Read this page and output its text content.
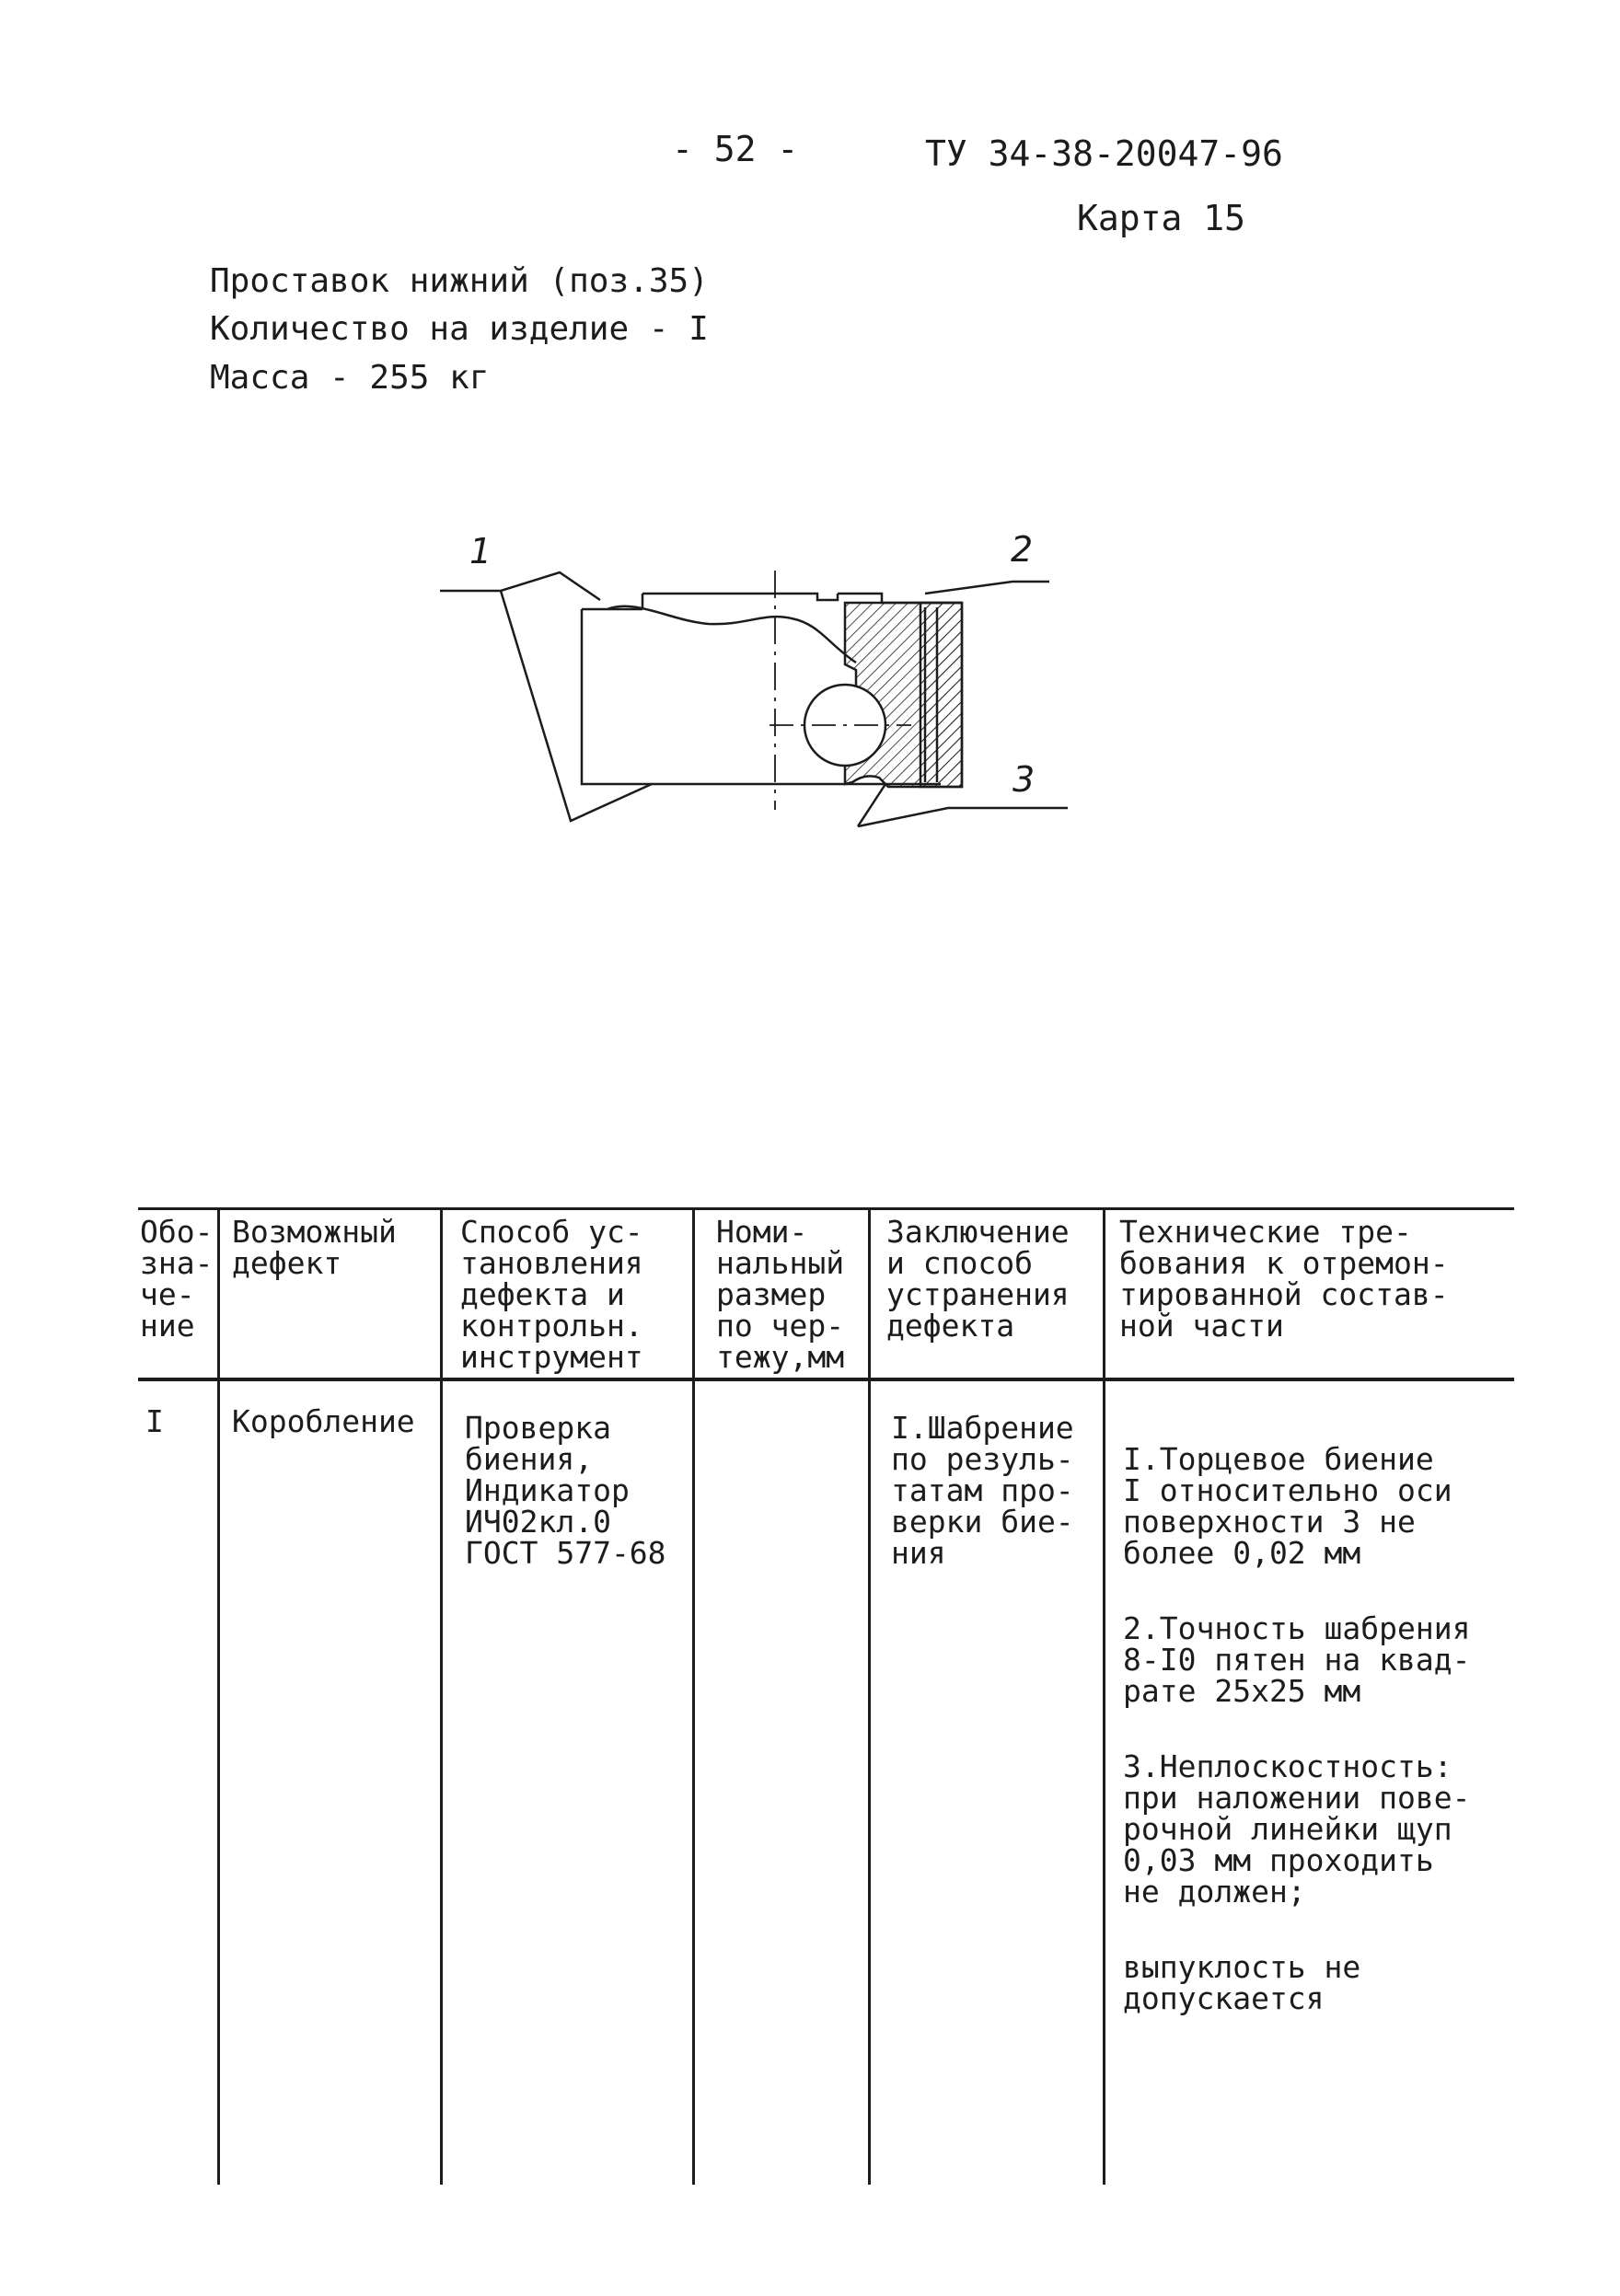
- 52 -	ТУ 34-38-20047-96
Карта 15
Проставок нижний (поз.35)
Количество на изделие - I
Масса - 255 кг
1	2
3
Обо-
зна-
че-
ние
Возможный
дефект
Способ ус-
тановления
дефекта и
контрольн.
инструмент
Номи-
нальный
размер
по чер-
тежу,мм
Заключение
и способ
устранения
дефекта
Технические тре-
бования к отремон-
тированной состав-
ной части
I Коробление Проверка
биения,
Индикатор
ИЧ02кл.0
ГОСТ 577-68
I.Шабрение
по резуль-
татам про-
верки бие-
ния

I.Торцевое биение
I относительно оси
поверхности 3 не
более 0,02 мм

2.Точность шабрения
8-I0 пятен на квад-
рате 25х25 мм

3.Неплоскостность:
при наложении пове-
рочной линейки щуп
0,03 мм проходить
не должен;

выпуклость не
допускается
